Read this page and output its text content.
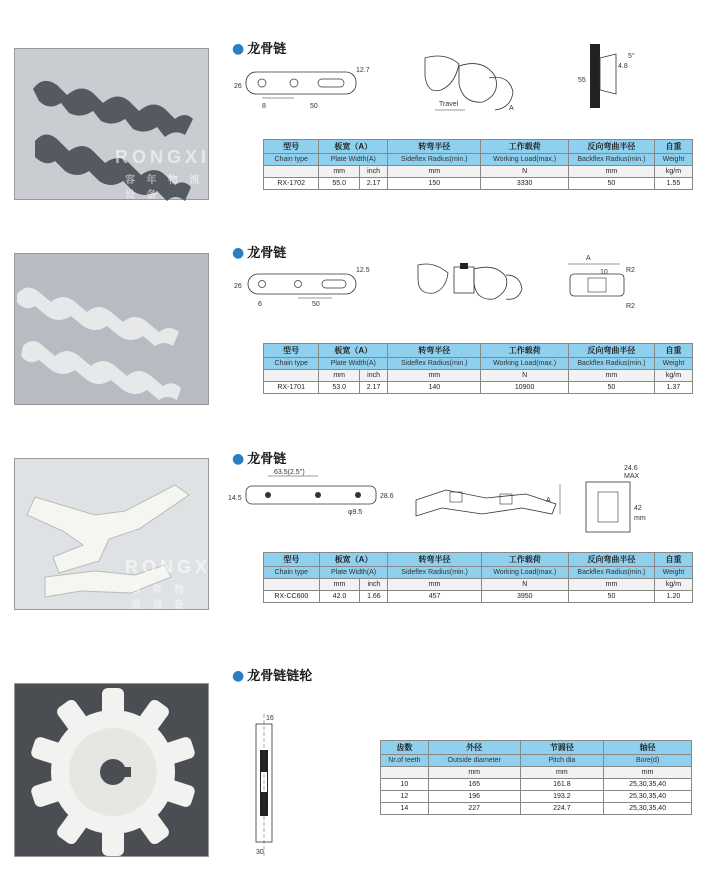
RONGXI
容 年 物 流 设 备
● 龙骨链
26
8	50
12.7
Travel
A
55
4.8
5°
型号	板宽（A）		转弯半径	工作载荷	反向弯曲半径	自重
Chain type	Plate Width(A)		Sideflex Radius(min.)	Working Load(max.)	Backflex Radius(min.)	Weight
	mm	inch	mm	N	mm	kg/m
RX-1702	55.0	2.17	150	3330	50	1.55
● 龙骨链
26
6	50
12.5
A
R2
10
R2
型号	板宽（A）		转弯半径	工作载荷	反向弯曲半径	自重
Chain type	Plate Width(A)		Sideflex Radius(min.)	Working Load(max.)	Backflex Radius(min.)	Weight
	mm	inch	mm	N	mm	kg/m
RX-1701	53.0	2.17	140	10900	50	1.37
RONGXI
容 年 物 流 设 备
● 龙骨链
63.5(2.5'')
14.5	28.6
φ9.5
A
24.6
MAX
42
mm
型号	板宽（A）		转弯半径	工作载荷	反向弯曲半径	自重
Chain type	Plate Width(A)		Sideflex Radius(min.)	Working Load(max.)	Backflex Radius(min.)	Weight
	mm	inch	mm	N	mm	kg/m
RX-CC600	42.0	1.66	457	3950	50	1.20
● 龙骨链链轮
16
30
齿数	外径	节圆径	轴径
Nr.of teeth	Outside diameter	Pitch dia	Bore(d)
	mm	mm	mm
10	165	161.8	25,30,35,40
12	196	193.2	25,30,35,40
14	227	224.7	25,30,35,40
